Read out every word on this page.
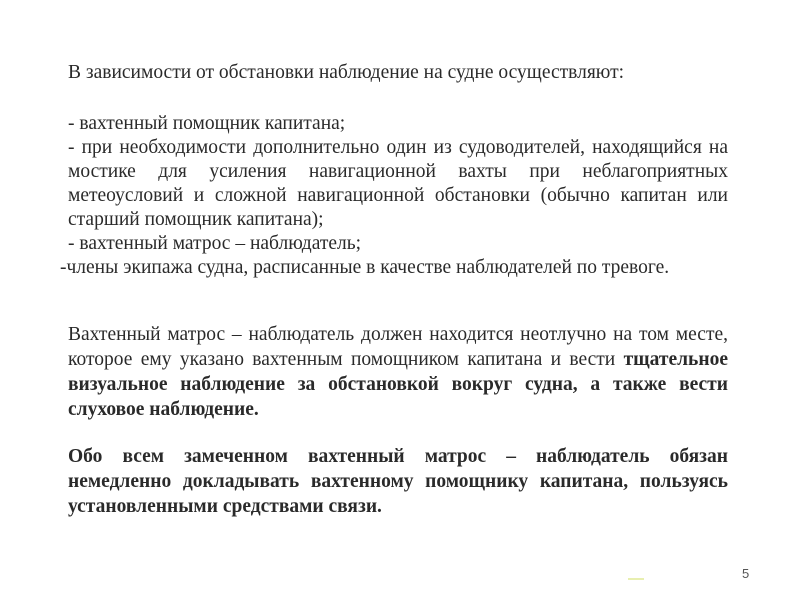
В зависимости от обстановки наблюдение на судне осуществляют:
- вахтенный помощник капитана;
- при необходимости дополнительно один из судоводителей, находящийся на
мостике для усиления навигационной вахты при неблагоприятных
метеоусловий и сложной навигационной обстановки (обычно капитан или
старший помощник капитана);
- вахтенный матрос – наблюдатель;
-члены экипажа судна, расписанные в качестве наблюдателей по тревоге.
Вахтенный матрос – наблюдатель должен находится неотлучно на том месте,
которое ему указано вахтенным помощником капитана и вести тщательное
визуальное наблюдение за обстановкой вокруг судна, а также вести
слуховое наблюдение.
Обо всем замеченном вахтенный матрос – наблюдатель обязан
немедленно докладывать вахтенному помощнику капитана, пользуясь
установленными средствами связи.
5
